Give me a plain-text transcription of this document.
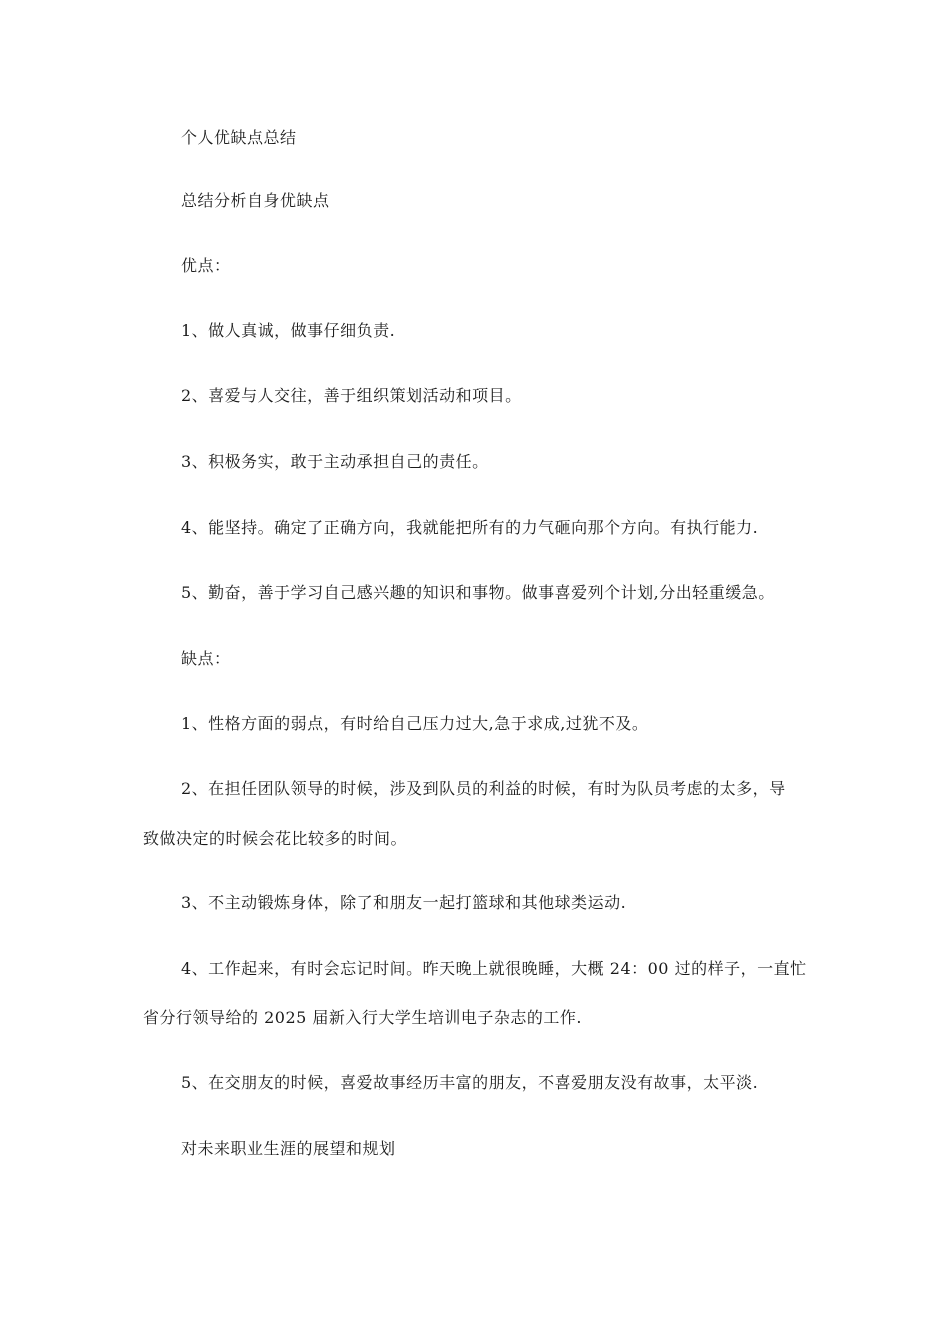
个人优缺点总结
总结分析自身优缺点
优点：
1、做人真诚，做事仔细负责.
2、喜爱与人交往，善于组织策划活动和项目。
3、积极务实，敢于主动承担自己的责任。
4、能坚持。确定了正确方向，我就能把所有的力气砸向那个方向。有执行能力.
5、勤奋，善于学习自己感兴趣的知识和事物。做事喜爱列个计划,分出轻重缓急。
缺点：
1、性格方面的弱点，有时给自己压力过大,急于求成,过犹不及。
2、在担任团队领导的时候，涉及到队员的利益的时候，有时为队员考虑的太多，导
致做决定的时候会花比较多的时间。
3、不主动锻炼身体，除了和朋友一起打篮球和其他球类运动.
4、工作起来，有时会忘记时间。昨天晚上就很晚睡，大概 24：00 过的样子，一直忙
省分行领导给的 2025 届新入行大学生培训电子杂志的工作.
5、在交朋友的时候，喜爱故事经历丰富的朋友，不喜爱朋友没有故事，太平淡.
对未来职业生涯的展望和规划
